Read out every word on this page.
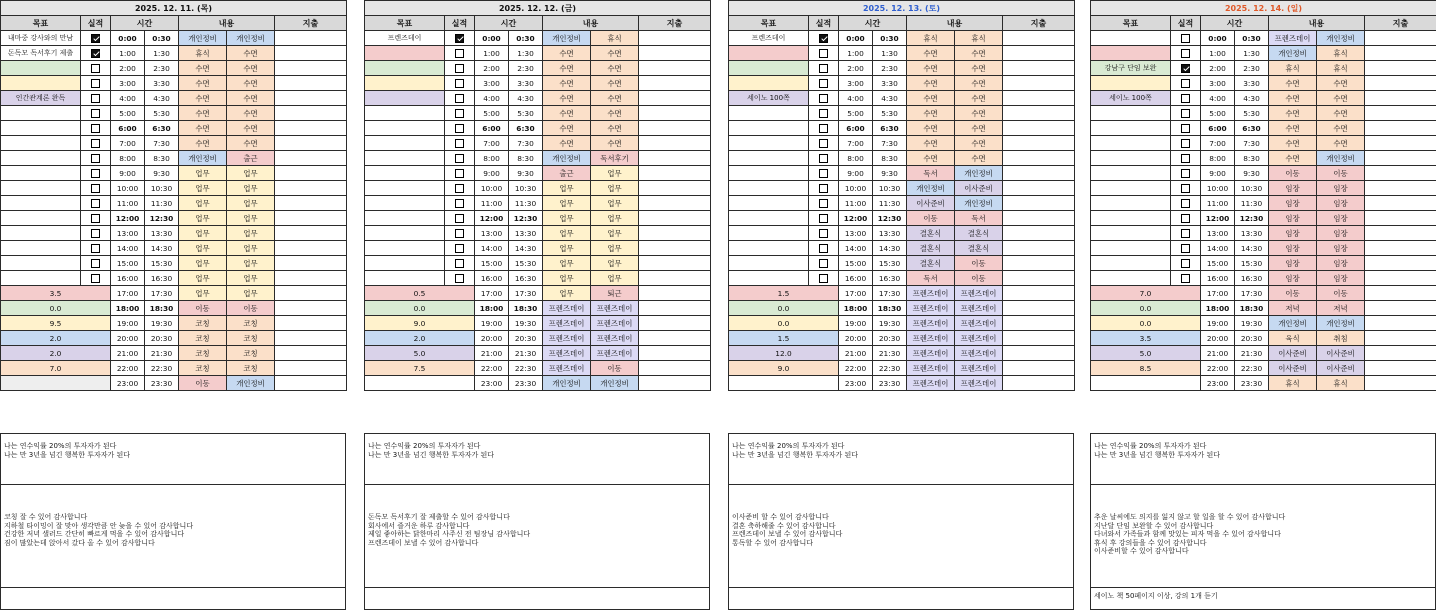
2025. 12. 11. (목)						
목표	실적	시간		내용		지출
내마중 강사와의 만남		0:00	0:30	개인정비	개인정비	
돈독모 독서후기 제출		1:00	1:30	휴식	수면	
		2:00	2:30	수면	수면	
		3:00	3:30	수면	수면	
인간관계론 완독		4:00	4:30	수면	수면	
		5:00	5:30	수면	수면	
		6:00	6:30	수면	수면	
		7:00	7:30	수면	수면	
		8:00	8:30	개인정비	출근	
		9:00	9:30	업무	업무	
		10:00	10:30	업무	업무	
		11:00	11:30	업무	업무	
		12:00	12:30	업무	업무	
		13:00	13:30	업무	업무	
		14:00	14:30	업무	업무	
		15:00	15:30	업무	업무	
		16:00	16:30	업무	업무	
3.5		17:00	17:30	업무	업무	
0.0		18:00	18:30	이동	이동	
9.5		19:00	19:30	코칭	코칭	
2.0		20:00	20:30	코칭	코칭	
2.0		21:00	21:30	코칭	코칭	
7.0		22:00	22:30	코칭	코칭	
		23:00	23:30	이동	개인정비	
나는 연수익률 20%의 투자자가 된다
나는 만 3년을 넘긴 행복한 투자자가 된다
코칭 잘 수 있어 감사합니다
지하철 타이밍이 잘 맞아 생각만큼 안 늦을 수 있어 감사합니다
건강한 저녁 샐러드 간단히 빠르게 먹을 수 있어 감사합니다
짐이 많았는데 앉아서 갔다 올 수 있어 감사합니다
2025. 12. 12. (금)						
목표	실적	시간		내용		지출
프렌즈데이		0:00	0:30	개인정비	휴식	
		1:00	1:30	수면	수면	
		2:00	2:30	수면	수면	
		3:00	3:30	수면	수면	
		4:00	4:30	수면	수면	
		5:00	5:30	수면	수면	
		6:00	6:30	수면	수면	
		7:00	7:30	수면	수면	
		8:00	8:30	개인정비	독서후기	
		9:00	9:30	출근	업무	
		10:00	10:30	업무	업무	
		11:00	11:30	업무	업무	
		12:00	12:30	업무	업무	
		13:00	13:30	업무	업무	
		14:00	14:30	업무	업무	
		15:00	15:30	업무	업무	
		16:00	16:30	업무	업무	
0.5		17:00	17:30	업무	퇴근	
0.0		18:00	18:30	프렌즈데이	프렌즈데이	
9.0		19:00	19:30	프렌즈데이	프렌즈데이	
2.0		20:00	20:30	프렌즈데이	프렌즈데이	
5.0		21:00	21:30	프렌즈데이	프렌즈데이	
7.5		22:00	22:30	프렌즈데이	이동	
		23:00	23:30	개인정비	개인정비	
나는 연수익률 20%의 투자자가 된다
나는 만 3년을 넘긴 행복한 투자자가 된다
돈독모 독서후기 잘 제출할 수 있어 감사합니다
회사에서 즐거운 하루 감사합니다
제일 좋아하는 닭한마리 사주신 전 팀장님 감사합니다
프렌즈데이 보낼 수 있어 감사합니다
2025. 12. 13. (토)						
목표	실적	시간		내용		지출
프렌즈데이		0:00	0:30	휴식	휴식	
		1:00	1:30	수면	수면	
		2:00	2:30	수면	수면	
		3:00	3:30	수면	수면	
세이노 100쪽		4:00	4:30	수면	수면	
		5:00	5:30	수면	수면	
		6:00	6:30	수면	수면	
		7:00	7:30	수면	수면	
		8:00	8:30	수면	수면	
		9:00	9:30	독서	개인정비	
		10:00	10:30	개인정비	이사준비	
		11:00	11:30	이사준비	개인정비	
		12:00	12:30	이동	독서	
		13:00	13:30	결혼식	결혼식	
		14:00	14:30	결혼식	결혼식	
		15:00	15:30	결혼식	이동	
		16:00	16:30	독서	이동	
1.5		17:00	17:30	프렌즈데이	프렌즈데이	
0.0		18:00	18:30	프렌즈데이	프렌즈데이	
0.0		19:00	19:30	프렌즈데이	프렌즈데이	
1.5		20:00	20:30	프렌즈데이	프렌즈데이	
12.0		21:00	21:30	프렌즈데이	프렌즈데이	
9.0		22:00	22:30	프렌즈데이	프렌즈데이	
		23:00	23:30	프렌즈데이	프렌즈데이	
나는 연수익률 20%의 투자자가 된다
나는 만 3년을 넘긴 행복한 투자자가 된다
이사준비 할 수 있어 감사합니다
결혼 축하해줄 수 있어 감사합니다
프렌즈데이 보낼 수 있어 감사합니다
통독할 수 있어 감사합니다
2025. 12. 14. (일)						
목표	실적	시간		내용		지출
		0:00	0:30	프렌즈데이	개인정비	
		1:00	1:30	개인정비	휴식	
강남구 단임 보완		2:00	2:30	휴식	휴식	
		3:00	3:30	수면	수면	
세이노 100쪽		4:00	4:30	수면	수면	
		5:00	5:30	수면	수면	
		6:00	6:30	수면	수면	
		7:00	7:30	수면	수면	
		8:00	8:30	수면	개인정비	
		9:00	9:30	이동	이동	
		10:00	10:30	임장	임장	
		11:00	11:30	임장	임장	
		12:00	12:30	임장	임장	
		13:00	13:30	임장	임장	
		14:00	14:30	임장	임장	
		15:00	15:30	임장	임장	
		16:00	16:30	임장	임장	
7.0		17:00	17:30	이동	이동	
0.0		18:00	18:30	저녁	저녁	
0.0		19:00	19:30	개인정비	개인정비	
3.5		20:00	20:30	육식	취침	
5.0		21:00	21:30	이사준비	이사준비	
8.5		22:00	22:30	이사준비	이사준비	
		23:00	23:30	휴식	휴식	
나는 연수익률 20%의 투자자가 된다
나는 만 3년을 넘긴 행복한 투자자가 된다
추운 날씨에도 의지를 잃지 않고 할 일을 할 수 있어 감사합니다
지난달 단임 보완할 수 있어 감사합니다
다녀와서 가족들과 함께 맛있는 피자 먹을 수 있어 감사합니다
휴식 후 강의들을 수 있어 감사합니다
이사준비할 수 있어 감사합니다
세이노 책 50페이지 이상, 강의 1개 듣기
